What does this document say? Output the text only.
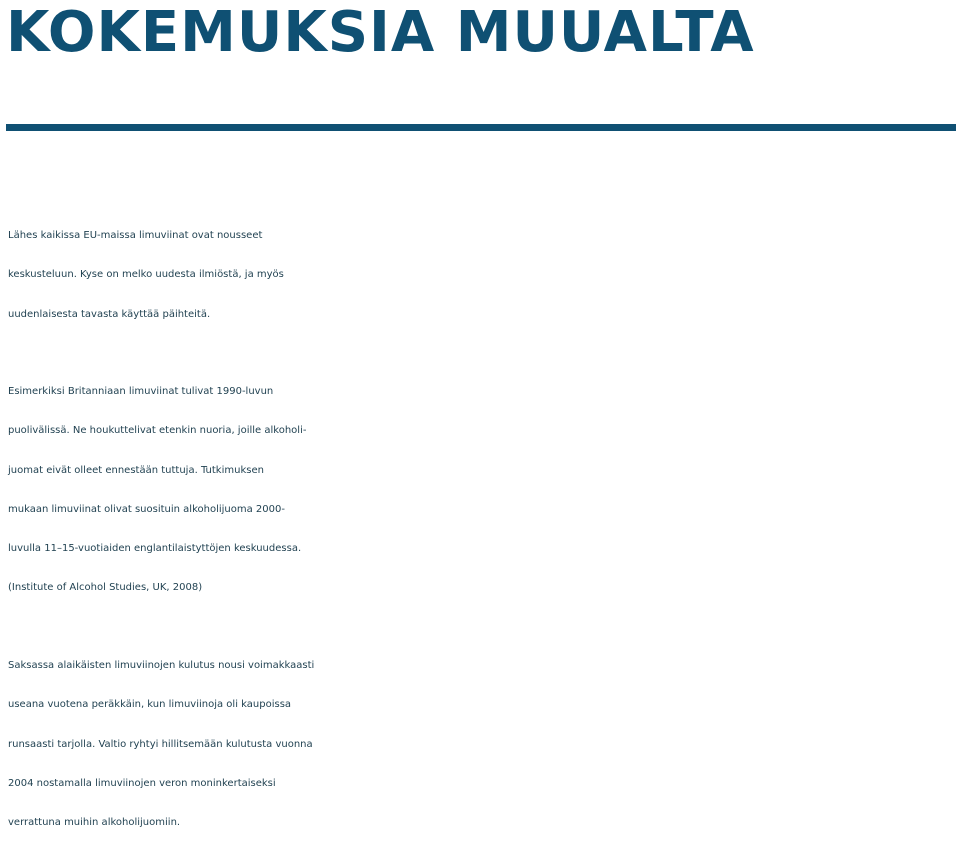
KOKEMUKSIA MUUALTA

Lähes kaikissa EU-maissa limuviinat ovat nousseet
keskusteluun. Kyse on melko uudesta ilmiöstä, ja myös
uudenlaisesta tavasta käyttää päihteitä.

Esimerkiksi Britanniaan limuviinat tulivat 1990-luvun
puolivälissä. Ne houkuttelivat etenkin nuoria, joille alkoholi-
juomat eivät olleet ennestään tuttuja. Tutkimuksen
mukaan limuviinat olivat suosituin alkoholijuoma 2000-
luvulla 11–15-vuotiaiden englantilaistyttöjen keskuudessa.
(Institute of Alcohol Studies, UK, 2008)

Saksassa alaikäisten limuviinojen kulutus nousi voimakkaasti
useana vuotena peräkkäin, kun limuviinoja oli kaupoissa
runsaasti tarjolla. Valtio ryhtyi hillitsemään kulutusta vuonna
2004 nostamalla limuviinojen veron moninkertaiseksi
verrattuna muihin alkoholijuomiin.
